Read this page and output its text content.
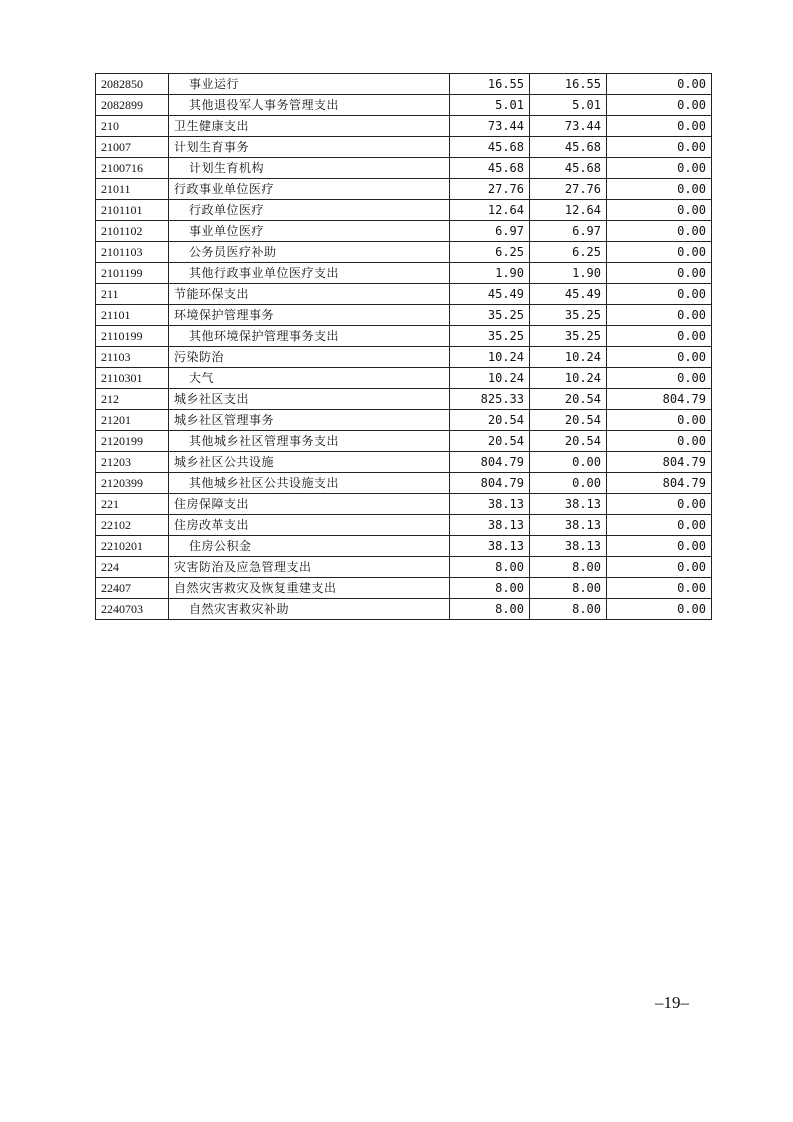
2082850	事业运行	16.55	16.55	0.00
2082899	其他退役军人事务管理支出	5.01	5.01	0.00
210	卫生健康支出	73.44	73.44	0.00
21007	计划生育事务	45.68	45.68	0.00
2100716	计划生育机构	45.68	45.68	0.00
21011	行政事业单位医疗	27.76	27.76	0.00
2101101	行政单位医疗	12.64	12.64	0.00
2101102	事业单位医疗	6.97	6.97	0.00
2101103	公务员医疗补助	6.25	6.25	0.00
2101199	其他行政事业单位医疗支出	1.90	1.90	0.00
211	节能环保支出	45.49	45.49	0.00
21101	环境保护管理事务	35.25	35.25	0.00
2110199	其他环境保护管理事务支出	35.25	35.25	0.00
21103	污染防治	10.24	10.24	0.00
2110301	大气	10.24	10.24	0.00
212	城乡社区支出	825.33	20.54	804.79
21201	城乡社区管理事务	20.54	20.54	0.00
2120199	其他城乡社区管理事务支出	20.54	20.54	0.00
21203	城乡社区公共设施	804.79	0.00	804.79
2120399	其他城乡社区公共设施支出	804.79	0.00	804.79
221	住房保障支出	38.13	38.13	0.00
22102	住房改革支出	38.13	38.13	0.00
2210201	住房公积金	38.13	38.13	0.00
224	灾害防治及应急管理支出	8.00	8.00	0.00
22407	自然灾害救灾及恢复重建支出	8.00	8.00	0.00
2240703	自然灾害救灾补助	8.00	8.00	0.00
–19–
